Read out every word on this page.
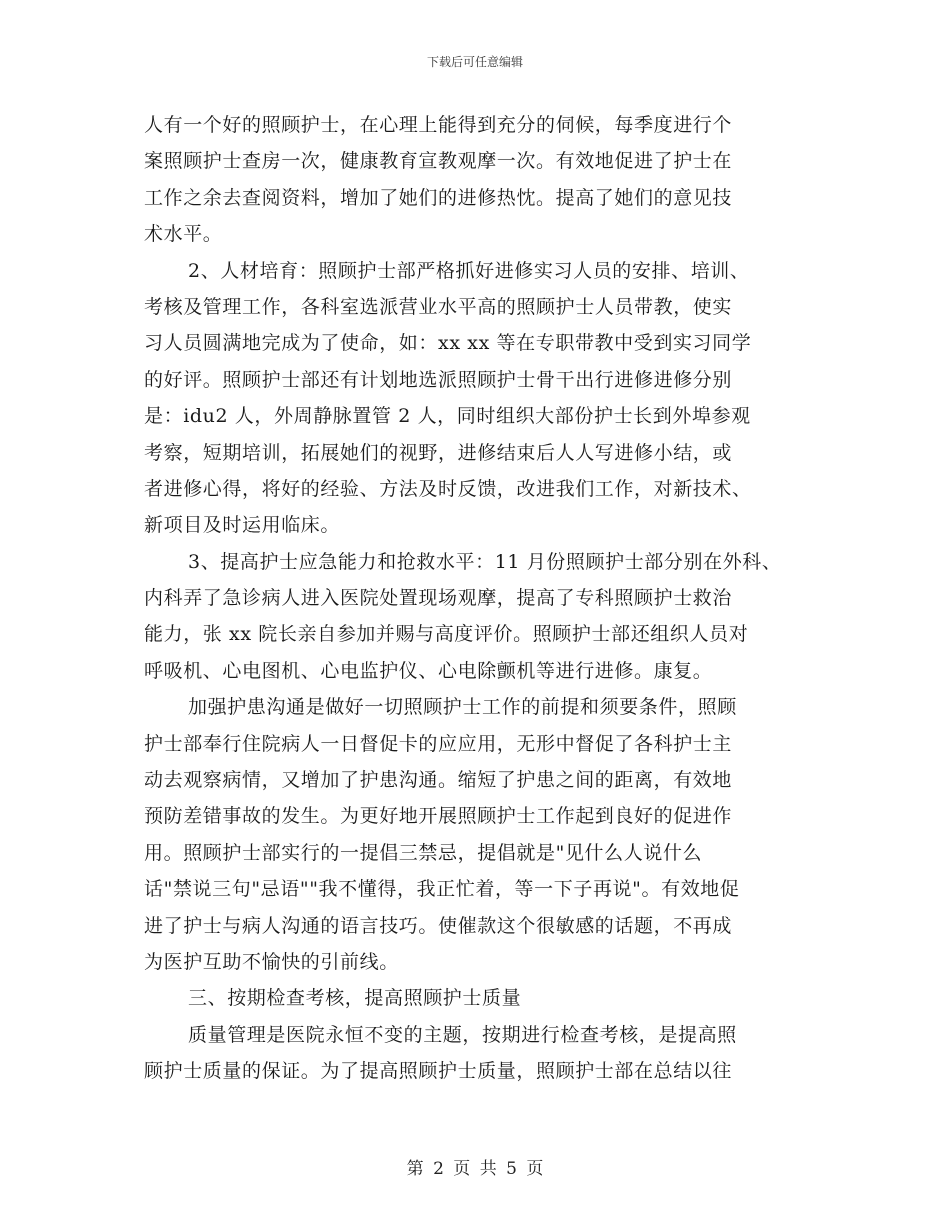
下载后可任意编辑
人有一个好的照顾护士，在心理上能得到充分的伺候，每季度进行个
案照顾护士查房一次，健康教育宣教观摩一次。有效地促进了护士在
工作之余去查阅资料，增加了她们的进修热忱。提高了她们的意见技
术水平。
2、人材培育：照顾护士部严格抓好进修实习人员的安排、培训、
考核及管理工作，各科室选派营业水平高的照顾护士人员带教，使实
习人员圆满地完成为了使命，如：xx xx 等在专职带教中受到实习同学
的好评。照顾护士部还有计划地选派照顾护士骨干出行进修进修分别
是：idu2 人，外周静脉置管 2 人，同时组织大部份护士长到外埠参观
考察，短期培训，拓展她们的视野，进修结束后人人写进修小结，或
者进修心得，将好的经验、方法及时反馈，改进我们工作，对新技术、
新项目及时运用临床。
3、提高护士应急能力和抢救水平：11 月份照顾护士部分别在外科、
内科弄了急诊病人进入医院处置现场观摩，提高了专科照顾护士救治
能力，张 xx 院长亲自参加并赐与高度评价。照顾护士部还组织人员对
呼吸机、心电图机、心电监护仪、心电除颤机等进行进修。康复。
加强护患沟通是做好一切照顾护士工作的前提和须要条件，照顾
护士部奉行住院病人一日督促卡的应应用，无形中督促了各科护士主
动去观察病情，又增加了护患沟通。缩短了护患之间的距离，有效地
预防差错事故的发生。为更好地开展照顾护士工作起到良好的促进作
用。照顾护士部实行的一提倡三禁忌，提倡就是"见什么人说什么
话"禁说三句"忌语""我不懂得，我正忙着，等一下子再说"。有效地促
进了护士与病人沟通的语言技巧。使催款这个很敏感的话题，不再成
为医护互助不愉快的引前线。
三、按期检查考核，提高照顾护士质量
质量管理是医院永恒不变的主题，按期进行检查考核，是提高照
顾护士质量的保证。为了提高照顾护士质量，照顾护士部在总结以往
第 2 页 共 5 页
